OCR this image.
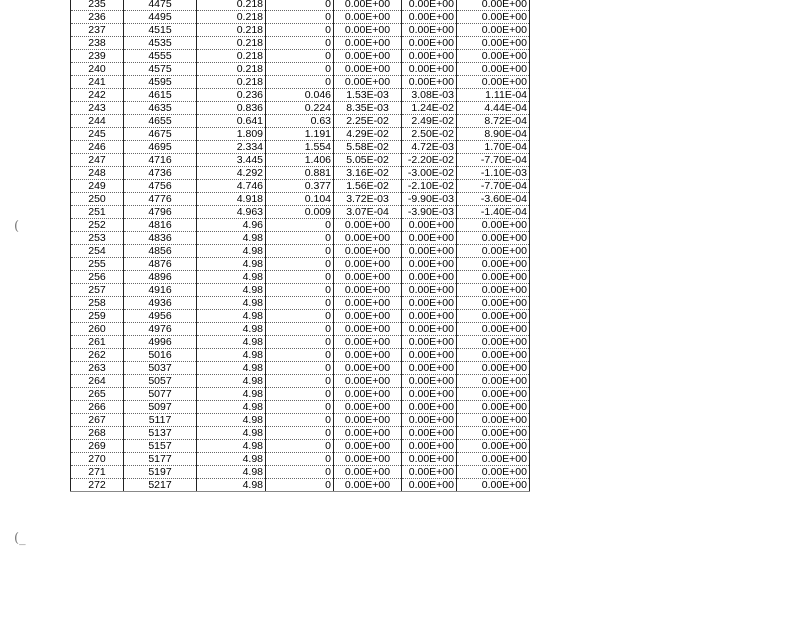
235	4475	0.218	0	0.00E+00	0.00E+00	0.00E+00
236	4495	0.218	0	0.00E+00	0.00E+00	0.00E+00
237	4515	0.218	0	0.00E+00	0.00E+00	0.00E+00
238	4535	0.218	0	0.00E+00	0.00E+00	0.00E+00
239	4555	0.218	0	0.00E+00	0.00E+00	0.00E+00
240	4575	0.218	0	0.00E+00	0.00E+00	0.00E+00
241	4595	0.218	0	0.00E+00	0.00E+00	0.00E+00
242	4615	0.236	0.046	1.53E-03	3.08E-03	1.11E-04
243	4635	0.836	0.224	8.35E-03	1.24E-02	4.44E-04
244	4655	0.641	0.63	2.25E-02	2.49E-02	8.72E-04
245	4675	1.809	1.191	4.29E-02	2.50E-02	8.90E-04
246	4695	2.334	1.554	5.58E-02	4.72E-03	1.70E-04
247	4716	3.445	1.406	5.05E-02	-2.20E-02	-7.70E-04
248	4736	4.292	0.881	3.16E-02	-3.00E-02	-1.10E-03
249	4756	4.746	0.377	1.56E-02	-2.10E-02	-7.70E-04
250	4776	4.918	0.104	3.72E-03	-9.90E-03	-3.60E-04
251	4796	4.963	0.009	3.07E-04	-3.90E-03	-1.40E-04
252	4816	4.96	0	0.00E+00	0.00E+00	0.00E+00
253	4836	4.98	0	0.00E+00	0.00E+00	0.00E+00
254	4856	4.98	0	0.00E+00	0.00E+00	0.00E+00
255	4876	4.98	0	0.00E+00	0.00E+00	0.00E+00
256	4896	4.98	0	0.00E+00	0.00E+00	0.00E+00
257	4916	4.98	0	0.00E+00	0.00E+00	0.00E+00
258	4936	4.98	0	0.00E+00	0.00E+00	0.00E+00
259	4956	4.98	0	0.00E+00	0.00E+00	0.00E+00
260	4976	4.98	0	0.00E+00	0.00E+00	0.00E+00
261	4996	4.98	0	0.00E+00	0.00E+00	0.00E+00
262	5016	4.98	0	0.00E+00	0.00E+00	0.00E+00
263	5037	4.98	0	0.00E+00	0.00E+00	0.00E+00
264	5057	4.98	0	0.00E+00	0.00E+00	0.00E+00
265	5077	4.98	0	0.00E+00	0.00E+00	0.00E+00
266	5097	4.98	0	0.00E+00	0.00E+00	0.00E+00
267	5117	4.98	0	0.00E+00	0.00E+00	0.00E+00
268	5137	4.98	0	0.00E+00	0.00E+00	0.00E+00
269	5157	4.98	0	0.00E+00	0.00E+00	0.00E+00
270	5177	4.98	0	0.00E+00	0.00E+00	0.00E+00
271	5197	4.98	0	0.00E+00	0.00E+00	0.00E+00
272	5217	4.98	0	0.00E+00	0.00E+00	0.00E+00
(
(_
